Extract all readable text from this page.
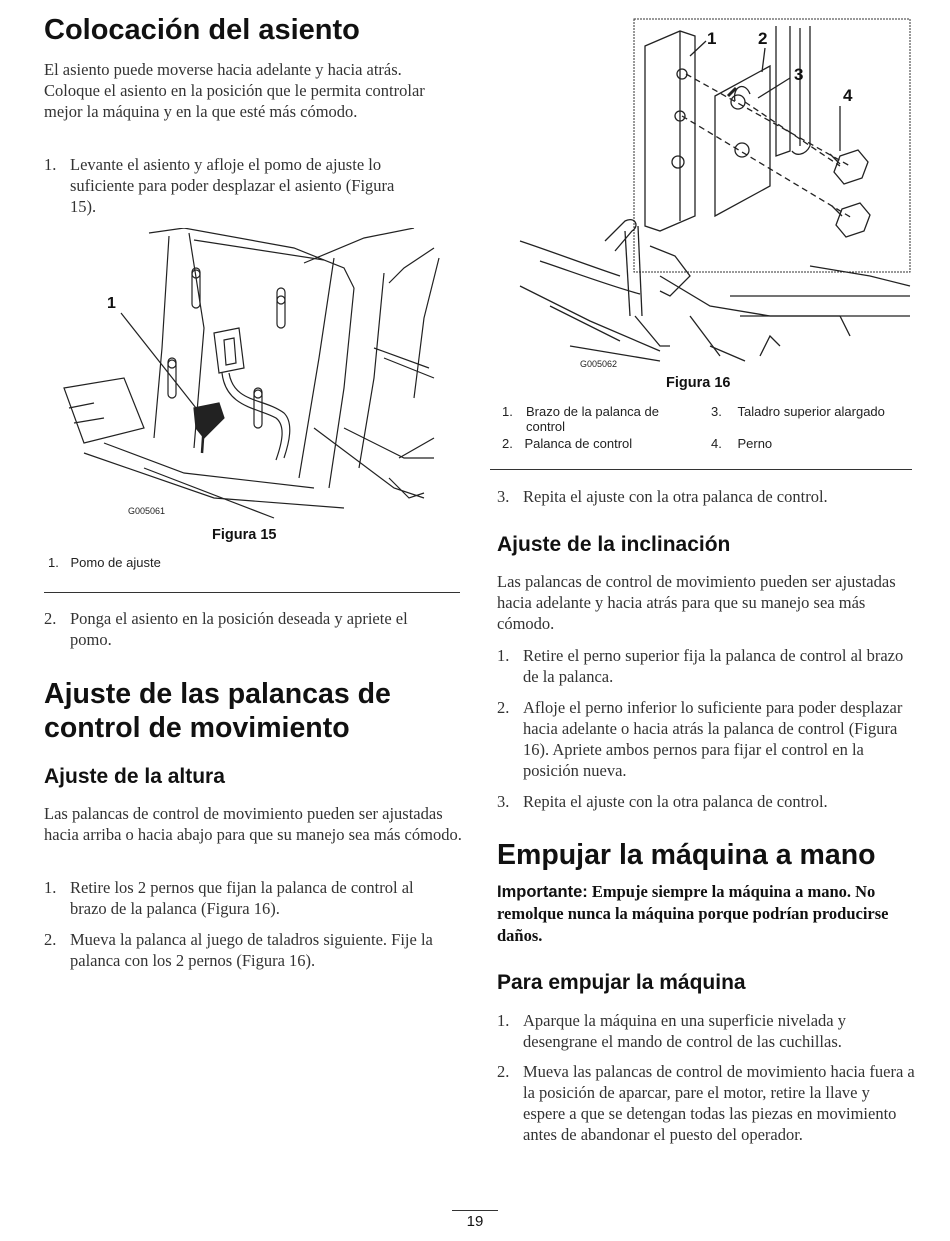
Colocación del asiento

El asiento puede moverse hacia adelante y hacia atrás. Coloque el asiento en la posición que le permita controlar mejor la máquina y en la que esté más cómodo.

1. Levante el asiento y afloje el pomo de ajuste lo suficiente para poder desplazar el asiento (Figura 15).
1
G005061
Figura 15
1. Pomo de ajuste
2. Ponga el asiento en la posición deseada y apriete el pomo.
Ajuste de las palancas de
control de movimiento
Ajuste de la altura

Las palancas de control de movimiento pueden ser ajustadas hacia arriba o hacia abajo para que su manejo sea más cómodo.

1. Retire los 2 pernos que fijan la palanca de control al brazo de la palanca (Figura 16).
2. Mueva la palanca al juego de taladros siguiente. Fije la palanca con los 2 pernos (Figura 16).
1 2
3
4
G005062
Figura 16
1. Brazo de la palanca de control
2. Palanca de control
3. Taladro superior alargado
4. Perno
3. Repita el ajuste con la otra palanca de control.
Ajuste de la inclinación

Las palancas de control de movimiento pueden ser ajustadas hacia adelante y hacia atrás para que su manejo sea más cómodo.

1. Retire el perno superior fija la palanca de control al brazo de la palanca.
2. Afloje el perno inferior lo suficiente para poder desplazar hacia adelante o hacia atrás la palanca de control (Figura 16). Apriete ambos pernos para fijar el control en la posición nueva.
3. Repita el ajuste con la otra palanca de control.
Empujar la máquina a mano

Importante: Empuje siempre la máquina a mano. No remolque nunca la máquina porque podrían producirse daños.

Para empujar la máquina
1. Aparque la máquina en una superficie nivelada y desengrane el mando de control de las cuchillas.
2. Mueva las palancas de control de movimiento hacia fuera a la posición de aparcar, pare el motor, retire la llave y espere a que se detengan todas las piezas en movimiento antes de abandonar el puesto del operador.
19
